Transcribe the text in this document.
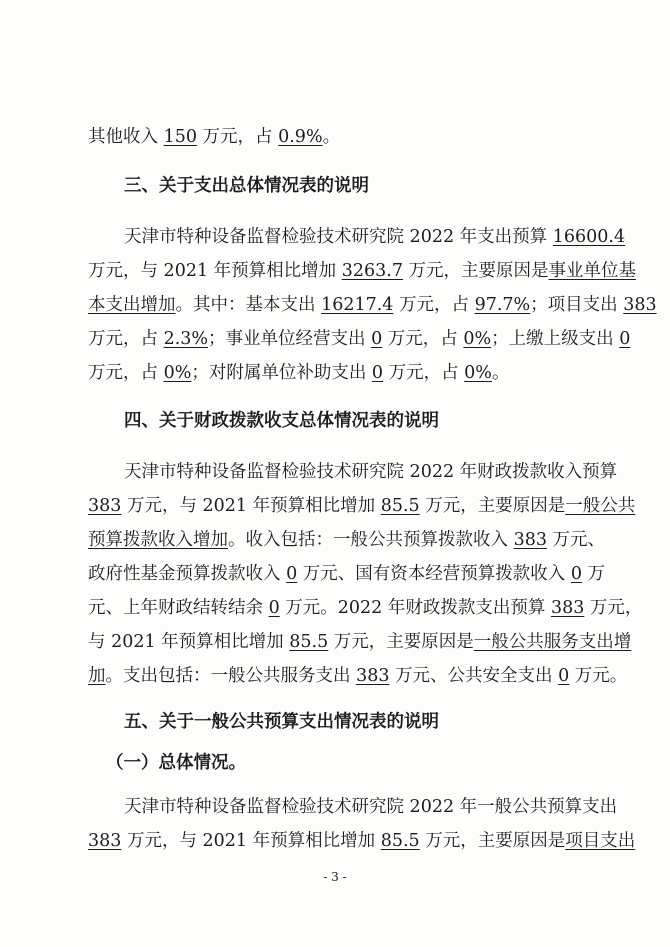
其他收入 150 万元，占 0.9%。
三、关于支出总体情况表的说明
天津市特种设备监督检验技术研究院 2022 年支出预算 16600.4
万元，与 2021 年预算相比增加 3263.7 万元，主要原因是事业单位基
本支出增加。其中：基本支出 16217.4 万元，占 97.7%；项目支出 383
万元，占 2.3%；事业单位经营支出 0 万元，占 0%；上缴上级支出 0
万元，占 0%；对附属单位补助支出 0 万元，占 0%。
四、关于财政拨款收支总体情况表的说明
天津市特种设备监督检验技术研究院 2022 年财政拨款收入预算
383 万元，与 2021 年预算相比增加 85.5 万元，主要原因是一般公共
预算拨款收入增加。收入包括：一般公共预算拨款收入 383 万元、
政府性基金预算拨款收入 0 万元、国有资本经营预算拨款收入 0 万
元、上年财政结转结余 0 万元。2022 年财政拨款支出预算 383 万元，
与 2021 年预算相比增加 85.5 万元，主要原因是一般公共服务支出增
加。支出包括：一般公共服务支出 383 万元、公共安全支出 0 万元。
五、关于一般公共预算支出情况表的说明
（一）总体情况。
天津市特种设备监督检验技术研究院 2022 年一般公共预算支出
383 万元，与 2021 年预算相比增加 85.5 万元，主要原因是项目支出
- 3 -
